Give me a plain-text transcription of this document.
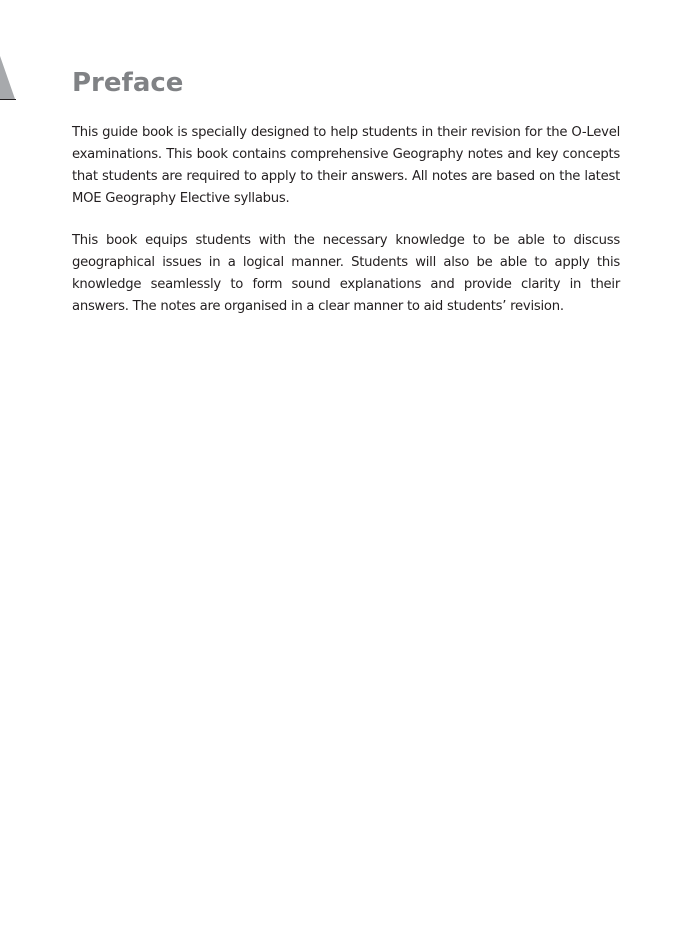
Preface

This guide book is specially designed to help students in their revision for the O-Level examinations. This book contains comprehensive Geography notes and key concepts that students are required to apply to their answers. All notes are based on the latest MOE Geography Elective syllabus.

This book equips students with the necessary knowledge to be able to discuss geographical issues in a logical manner. Students will also be able to apply this knowledge seamlessly to form sound explanations and provide clarity in their answers. The notes are organised in a clear manner to aid students’ revision.
